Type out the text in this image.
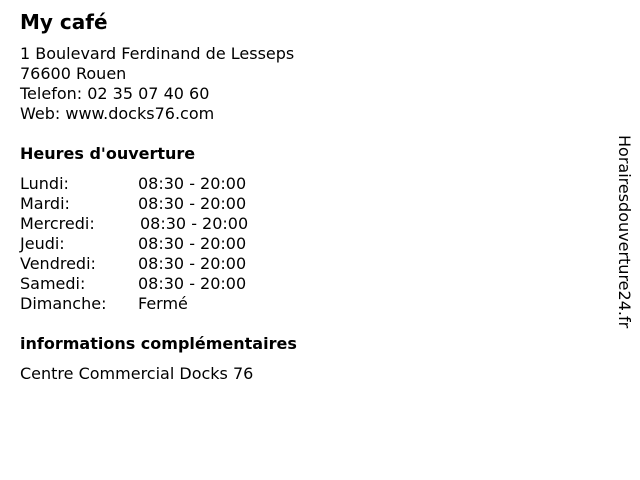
My café
1 Boulevard Ferdinand de Lesseps
76600 Rouen
Telefon: 02 35 07 40 60
Web: www.docks76.com
Heures d'ouverture
Lundi:	08:30 - 20:00
Mardi:	08:30 - 20:00
Mercredi:	08:30 - 20:00
Jeudi:	08:30 - 20:00
Vendredi:	08:30 - 20:00
Samedi:	08:30 - 20:00
Dimanche: Fermé
informations complémentaires
Centre Commercial Docks 76
Horairesdouverture24.fr
